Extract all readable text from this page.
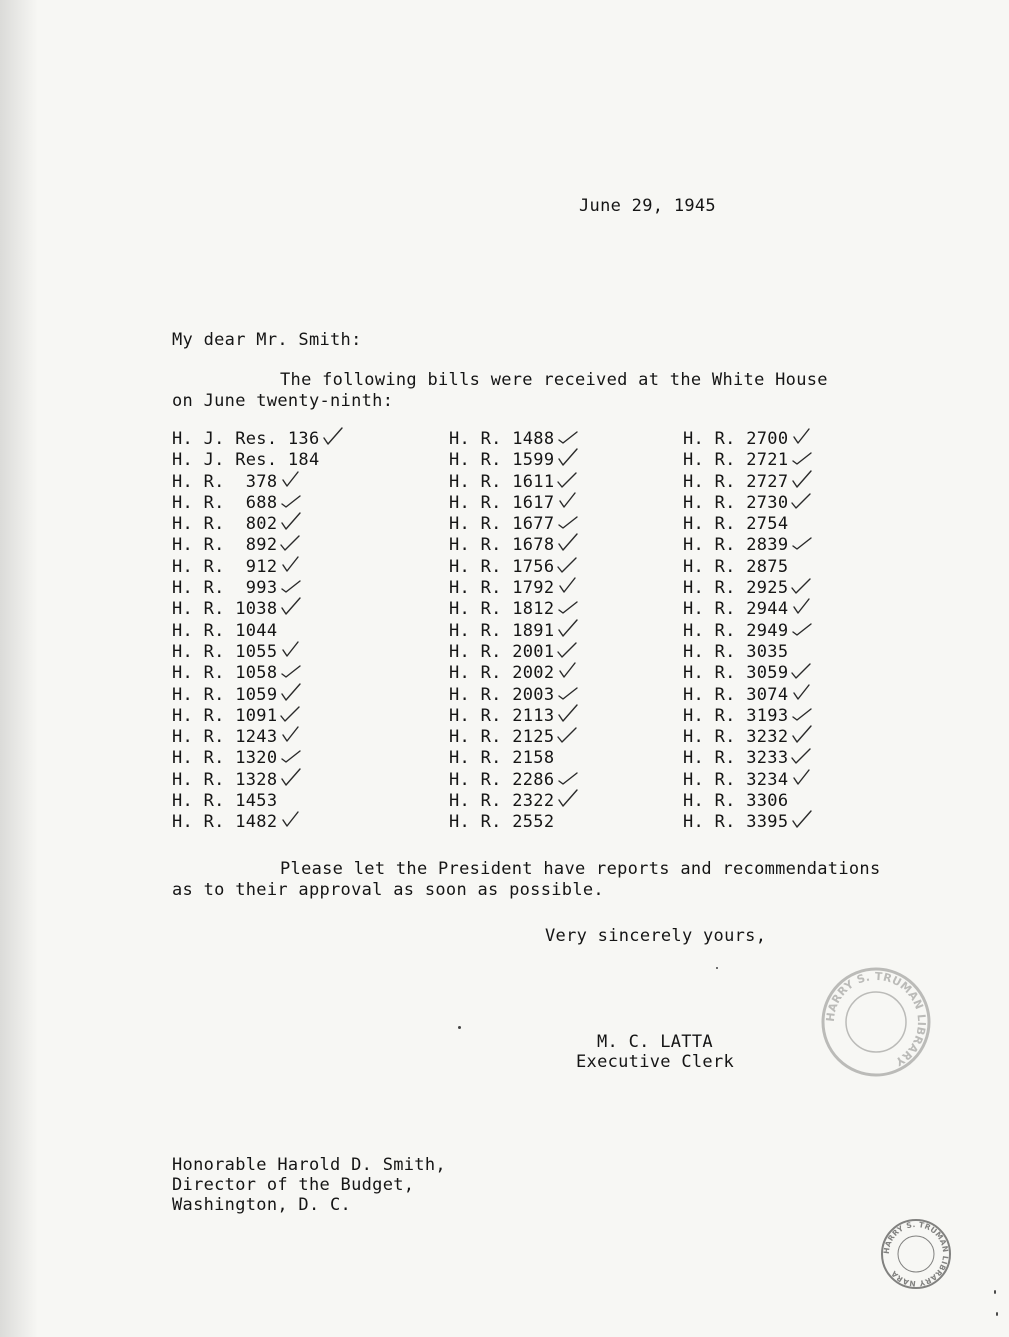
June 29, 1945
My dear Mr. Smith:
The following bills were received at the White House
on June twenty-ninth:
H. J. Res. 136
H. J. Res. 184
H. R.  378
H. R.  688
H. R.  802
H. R.  892
H. R.  912
H. R.  993
H. R. 1038
H. R. 1044
H. R. 1055
H. R. 1058
H. R. 1059
H. R. 1091
H. R. 1243
H. R. 1320
H. R. 1328
H. R. 1453
H. R. 1482
H. R. 1488
H. R. 1599
H. R. 1611
H. R. 1617
H. R. 1677
H. R. 1678
H. R. 1756
H. R. 1792
H. R. 1812
H. R. 1891
H. R. 2001
H. R. 2002
H. R. 2003
H. R. 2113
H. R. 2125
H. R. 2158
H. R. 2286
H. R. 2322
H. R. 2552
H. R. 2700
H. R. 2721
H. R. 2727
H. R. 2730
H. R. 2754
H. R. 2839
H. R. 2875
H. R. 2925
H. R. 2944
H. R. 2949
H. R. 3035
H. R. 3059
H. R. 3074
H. R. 3193
H. R. 3232
H. R. 3233
H. R. 3234
H. R. 3306
H. R. 3395
Please let the President have reports and recommendations
as to their approval as soon as possible.
Very sincerely yours,
M. C. LATTA
Executive Clerk
Honorable Harold D. Smith,
Director of the Budget,
Washington, D. C.
HARRY S. TRUMAN LIBRARY
HARRY S. TRUMAN LIBRARY NARA
